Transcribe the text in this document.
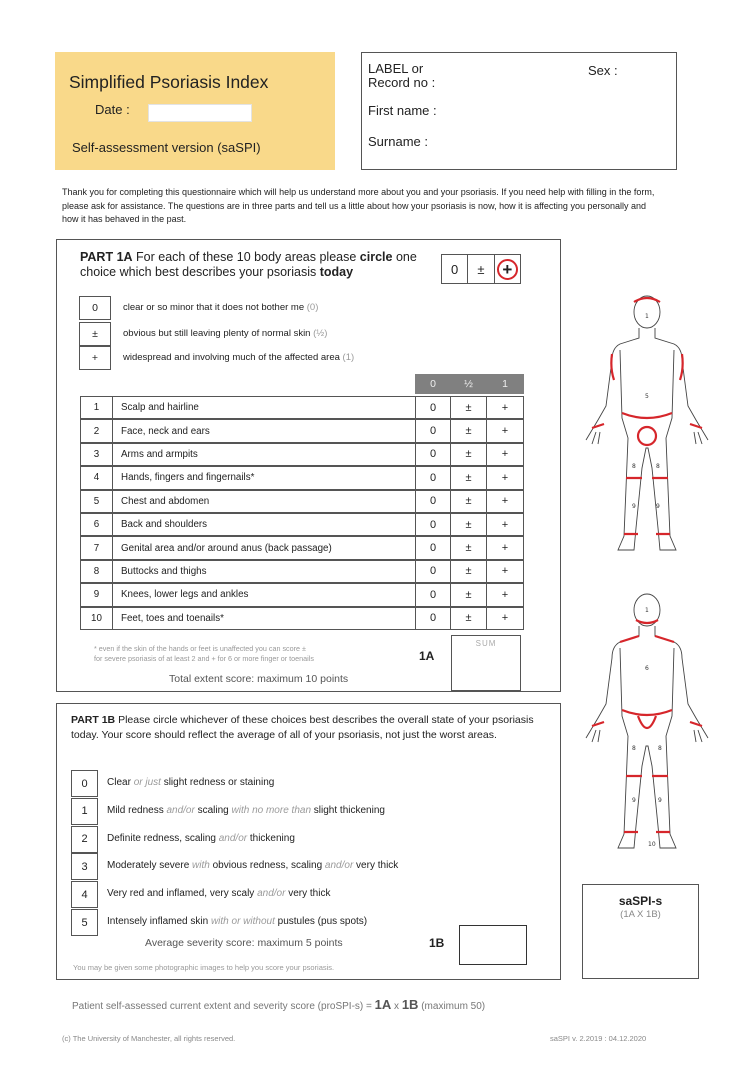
Simplified Psoriasis Index
Date :
Self-assessment version (saSPI)
LABEL or
Record no :
Sex :
First name :
Surname :
Thank you for completing this questionnaire which will help us understand more about you and your psoriasis. If you need help with filling in the form, please ask for assistance. The questions are in three parts and tell us a little about how your psoriasis is now, how it is affecting you personally and how it has behaved in the past.
PART 1A For each of these 10 body areas please circle one choice which best describes your psoriasis today	0	±	+
0	clear or so minor that it does not bother me (0)
±	obvious but still leaving plenty of normal skin (½)
+	widespread and involving much of the affected area (1)
0	½	1
1	Scalp and hairline	0	±	+
2	Face, neck and ears	0	±	+
3	Arms and armpits	0	±	+
4	Hands, fingers and fingernails*	0	±	+
5	Chest and abdomen	0	±	+
6	Back and shoulders	0	±	+
7	Genital area and/or around anus (back passage)	0	±	+
8	Buttocks and thighs	0	±	+
9	Knees, lower legs and ankles	0	±	+
10	Feet, toes and toenails*	0	±	+
SUM
* even if the skin of the hands or feet is unaffected you can score ±
for severe psoriasis of at least 2 and + for 6 or more finger or toenails	1A
Total extent score: maximum 10 points
PART 1B Please circle whichever of these choices best describes the overall state of your psoriasis today. Your score should reflect the average of all of your psoriasis, not just the worst areas.
0	Clear or just slight redness or staining
1	Mild redness and/or scaling with no more than slight thickening
2	Definite redness, scaling and/or thickening
3	Moderately severe with obvious redness, scaling and/or very thick
4	Very red and inflamed, very scaly and/or very thick
5	Intensely inflamed skin with or without pustules (pus spots)
Average severity score: maximum 5 points	1B
You may be given some photographic images to help you score your psoriasis.
saSPI-s
(1A X 1B)
1
5
8	8
9	9
1
6
8	8
9	9
10
Patient self-assessed current extent and severity score (proSPI-s) = 1A x 1B (maximum 50)
(c) The University of Manchester, all rights reserved.	saSPI v. 2.2019 : 04.12.2020
